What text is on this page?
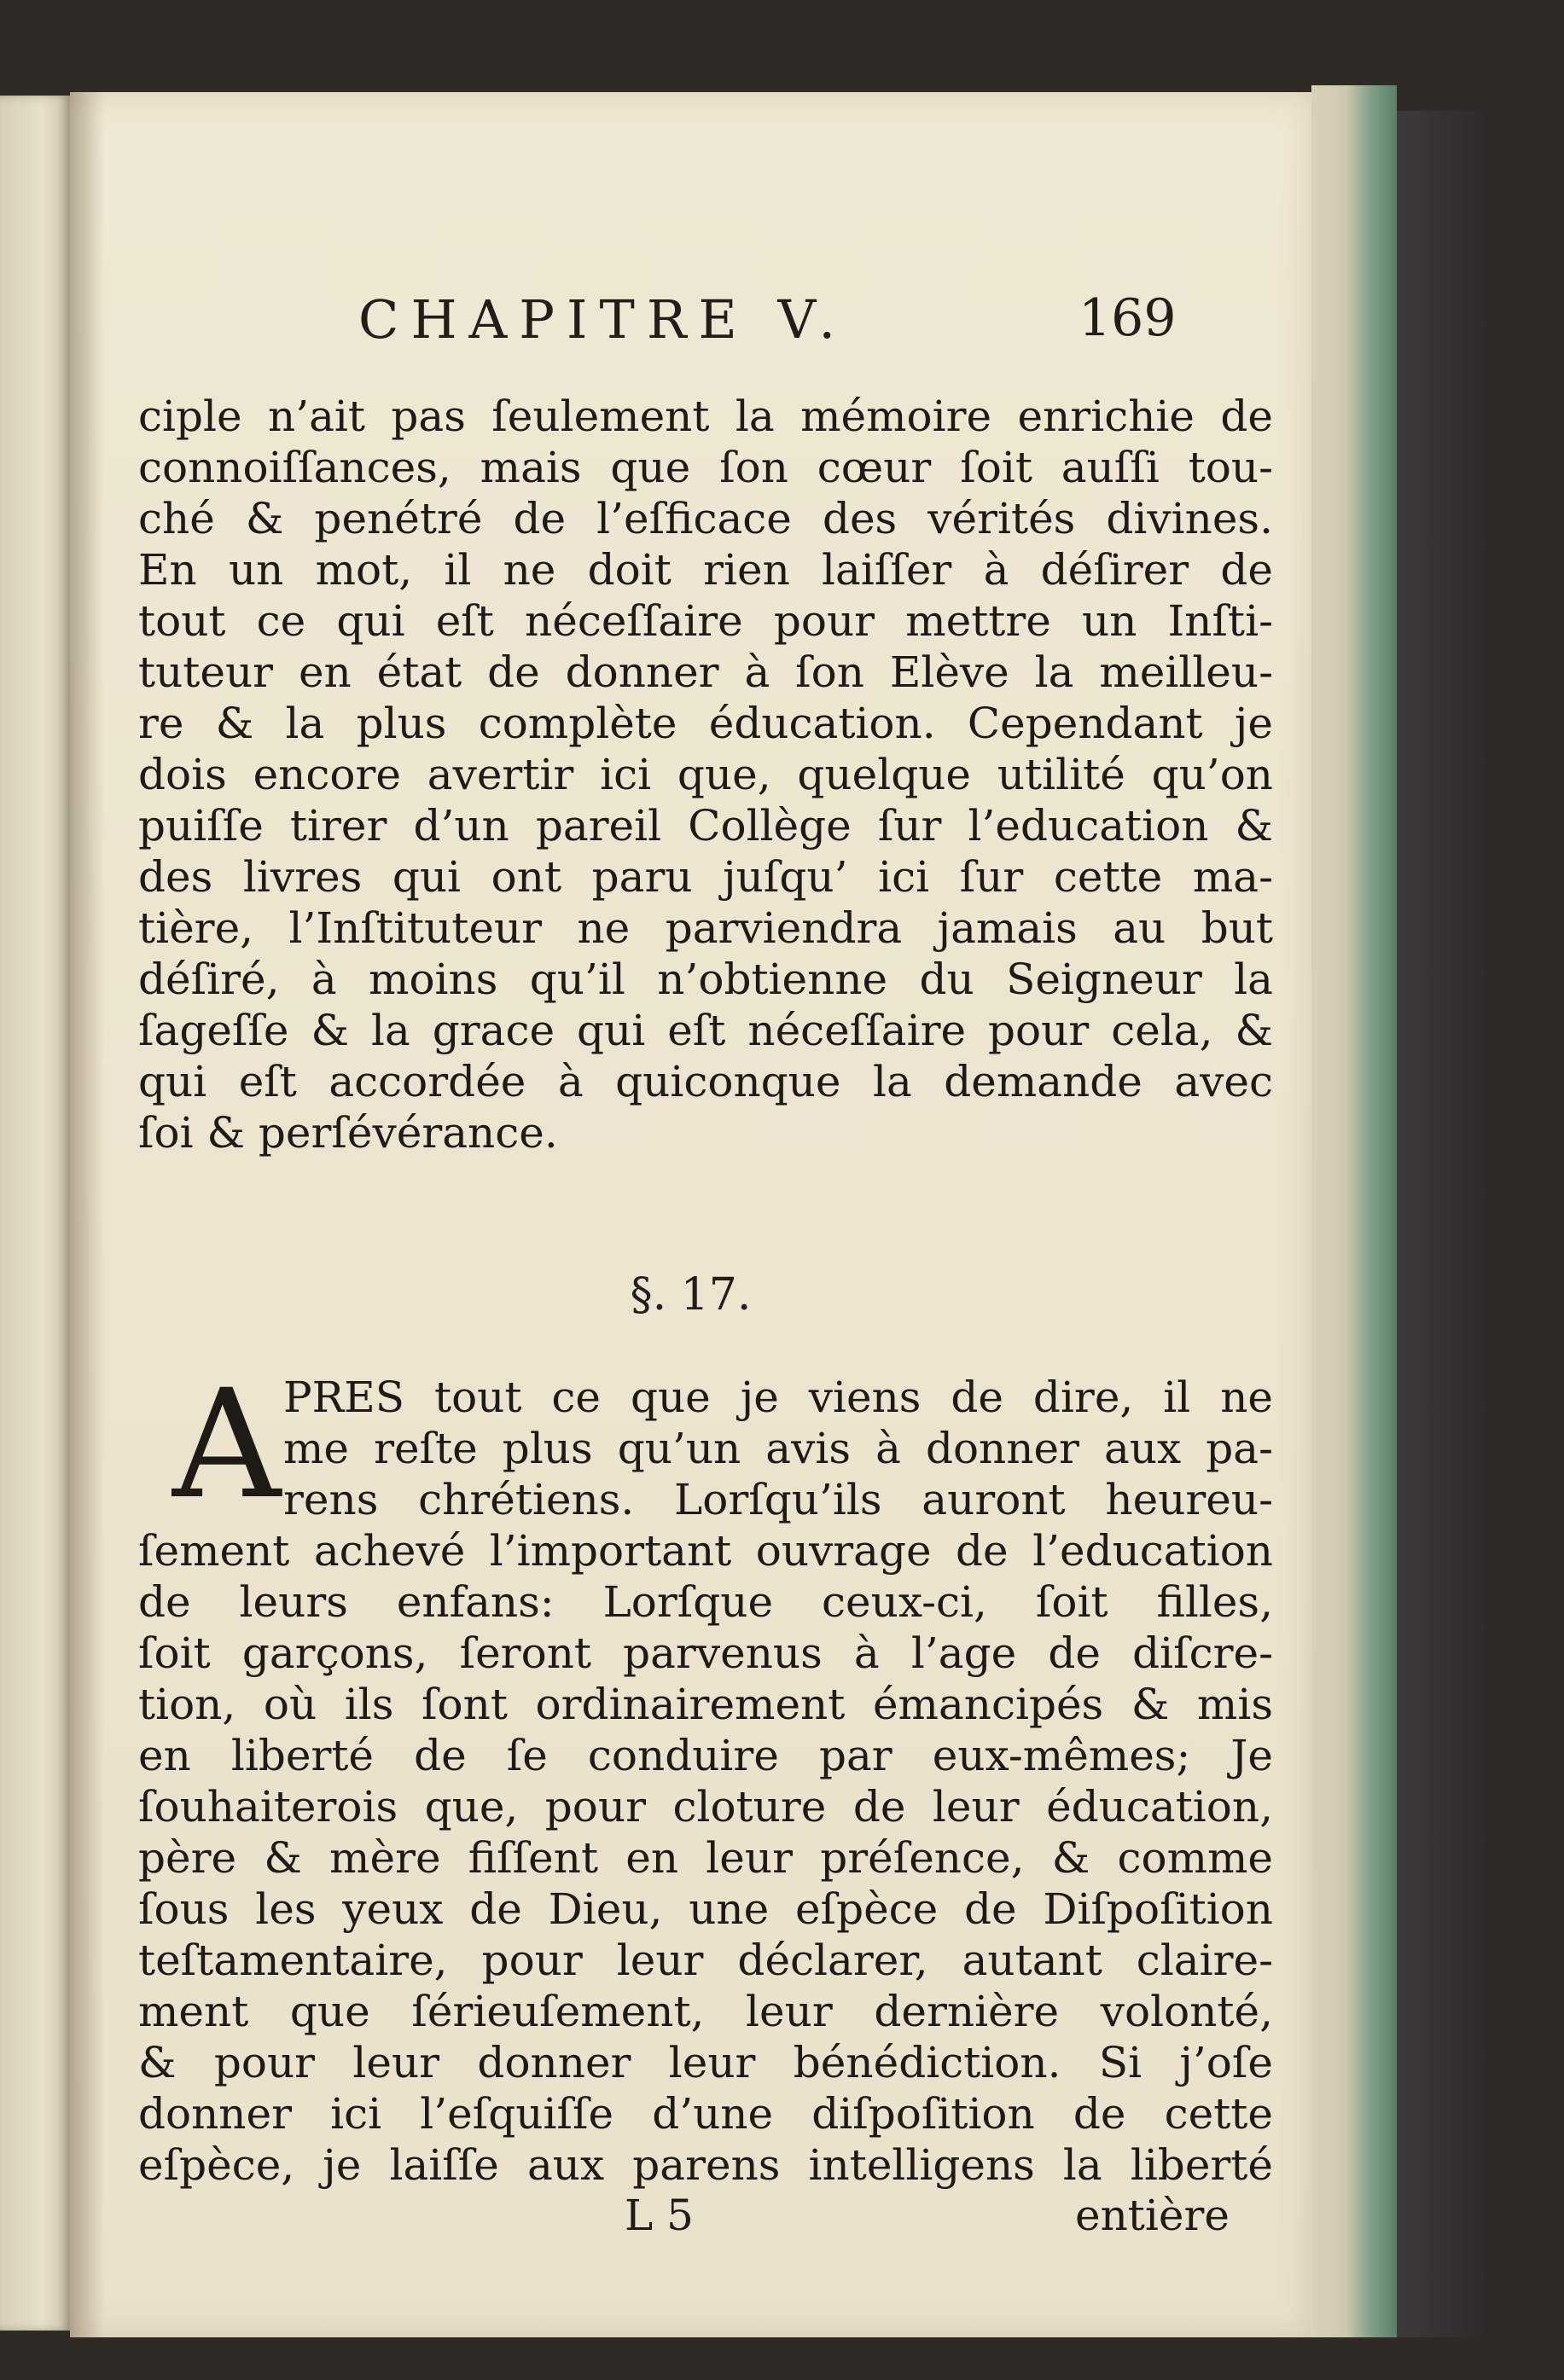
CHAPITRE V.	169
ciple n’ait pas ſeulement la mémoire enrichie de
connoiſſances, mais que ſon cœur ſoit auſſi tou-
ché & penétré de l’eſficace des vérités divines.
En un mot, il ne doit rien laiſſer à déſirer de
tout ce qui eſt néceſſaire pour mettre un Inſti-
tuteur en état de donner à ſon Elève la meilleu-
re & la plus complète éducation. Cependant je
dois encore avertir ici que, quelque utilité qu’on
puiſſe tirer d’un pareil Collège ſur l’education &
des livres qui ont paru juſqu’ ici ſur cette ma-
tière, l’Inſtituteur ne parviendra jamais au but
déſiré, à moins qu’il n’obtienne du Seigneur la
ſageſſe & la grace qui eſt néceſſaire pour cela, &
qui eſt accordée à quiconque la demande avec
ſoi & perſévérance.
§. 17.
A PRES tout ce que je viens de dire, il ne
me reſte plus qu’un avis à donner aux pa-
rens chrétiens. Lorſqu’ils auront heureu-
ſement achevé l’important ouvrage de l’education
de leurs enfans: Lorſque ceux-ci, ſoit filles,
ſoit garçons, ſeront parvenus à l’age de diſcre-
tion, où ils ſont ordinairement émancipés & mis
en liberté de ſe conduire par eux-mêmes; Je
ſouhaiterois que, pour cloture de leur éducation,
père & mère fiſſent en leur préſence, & comme
ſous les yeux de Dieu, une eſpèce de Diſpoſition
teſtamentaire, pour leur déclarer, autant claire-
ment que ſérieuſement, leur dernière volonté,
& pour leur donner leur bénédiction. Si j’oſe
donner ici l’eſquiſſe d’une diſpoſition de cette
eſpèce, je laiſſe aux parens intelligens la liberté
L 5	entière
